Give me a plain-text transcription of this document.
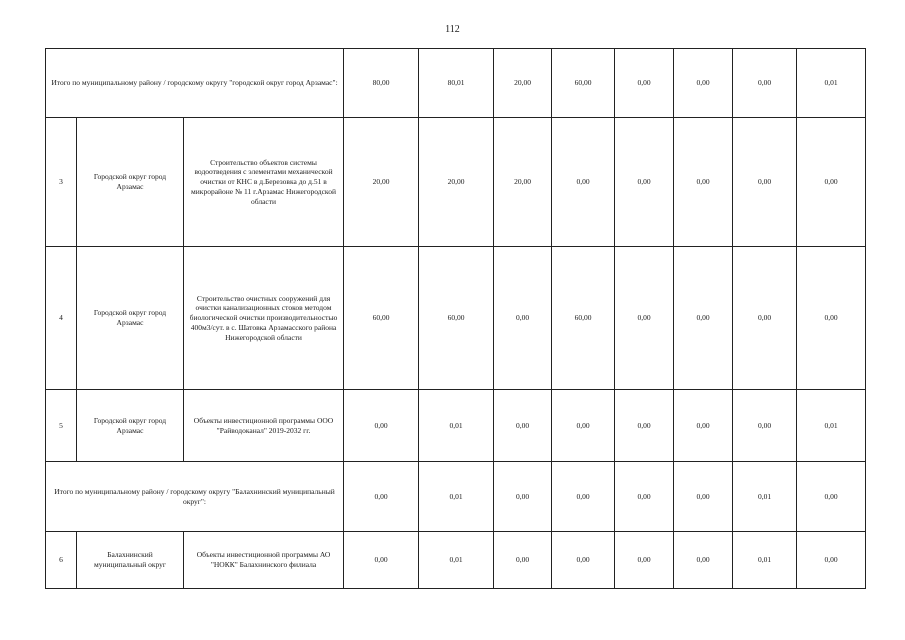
112
Итого по муниципальному району / городскому округу "городской округ город Арзамас":			80,00	80,01	20,00	60,00	0,00	0,00	0,00	0,01
3	Городской округ город Арзамас	Строительство объектов системы водоотведения с элементами механической очистки от КНС в д.Березовка до д.51 в микрорайоне № 11 г.Арзамас Нижегородской области	20,00	20,00	20,00	0,00	0,00	0,00	0,00	0,00
4	Городской округ город Арзамас	Строительство очистных сооружений для очистки канализационных стоков методом биологической очистки производительностью 400м3/сут. в с. Шатовка Арзамасского района Нижегородской области	60,00	60,00	0,00	60,00	0,00	0,00	0,00	0,00
5	Городской округ город Арзамас	Объекты инвестиционной программы ООО "Райводоканал" 2019-2032 гг.	0,00	0,01	0,00	0,00	0,00	0,00	0,00	0,01
Итого по муниципальному району / городскому округу "Балахнинский муниципальный округ":			0,00	0,01	0,00	0,00	0,00	0,00	0,01	0,00
6	Балахнинский муниципальный округ	Объекты инвестиционной программы АО "НОКК" Балахнинского филиала	0,00	0,01	0,00	0,00	0,00	0,00	0,01	0,00
